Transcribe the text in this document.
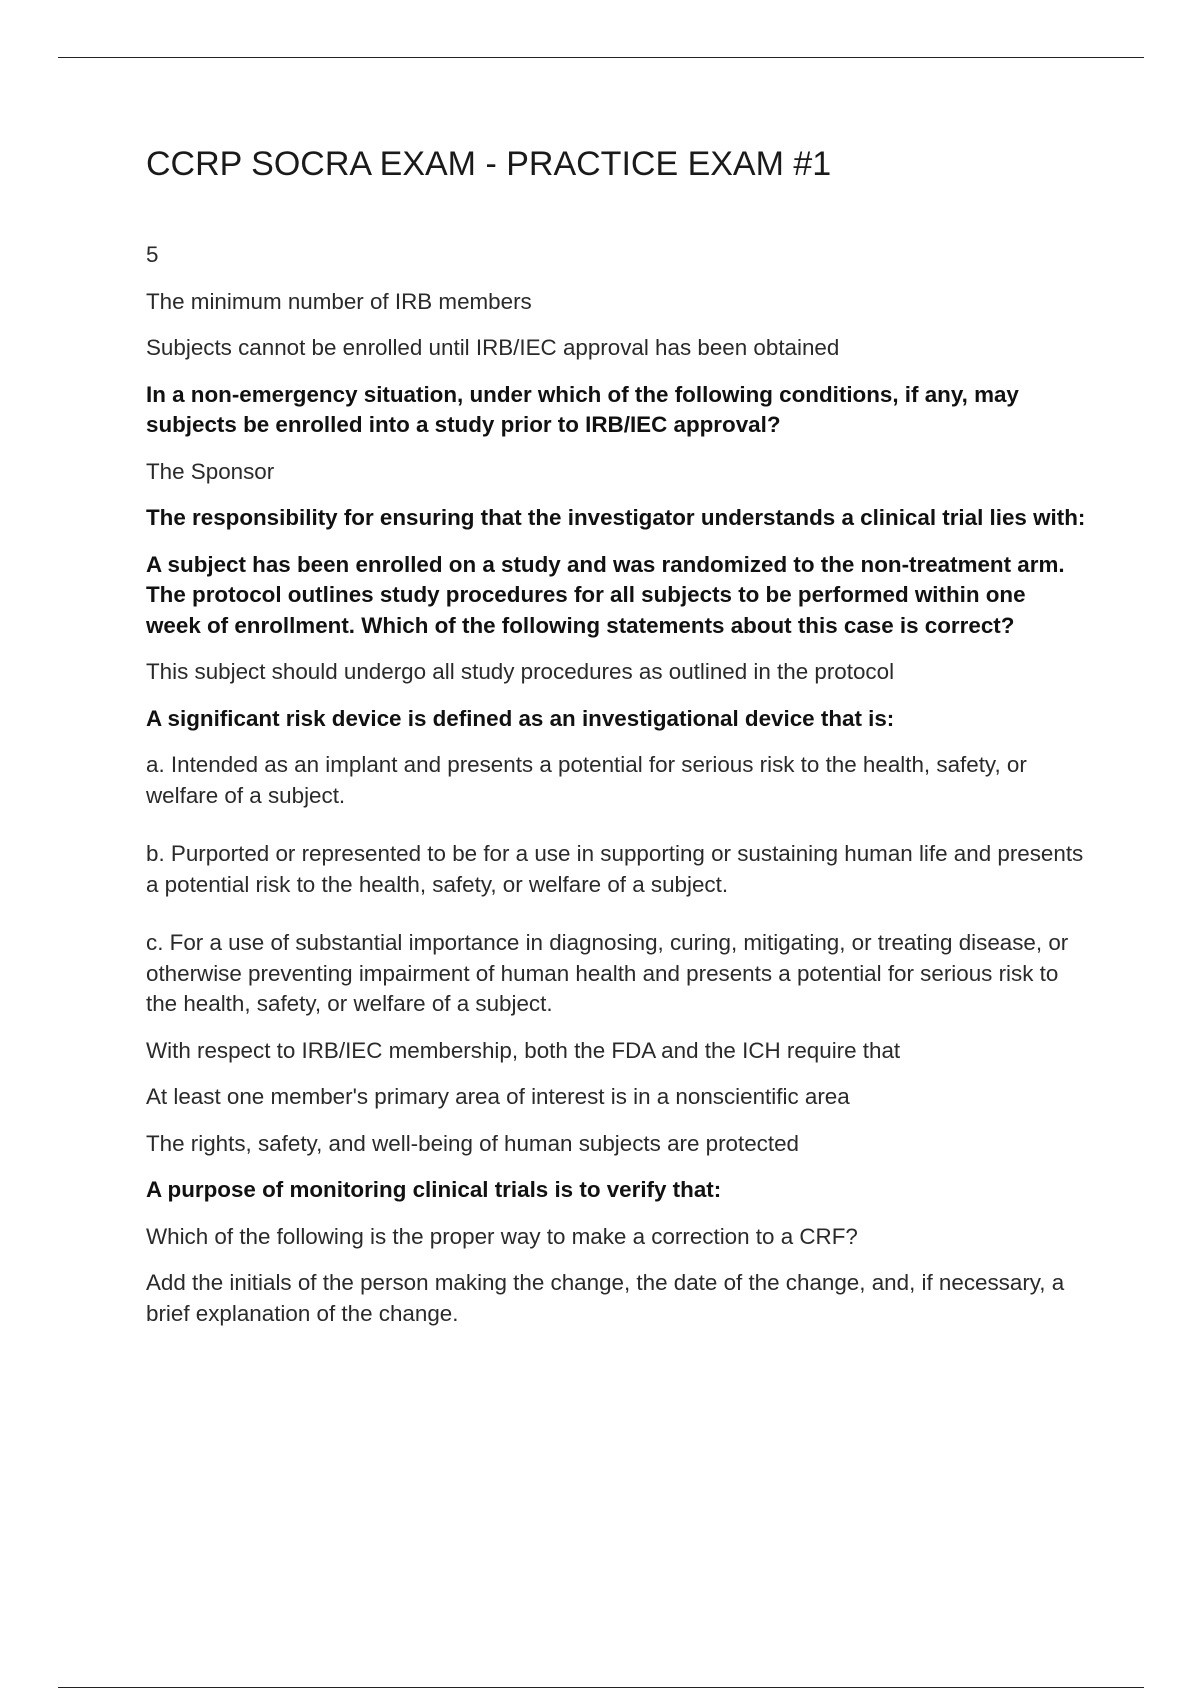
CCRP SOCRA EXAM - PRACTICE EXAM #1
5
The minimum number of IRB members
Subjects cannot be enrolled until IRB/IEC approval has been obtained
In a non-emergency situation, under which of the following conditions, if any, may subjects be enrolled into a study prior to IRB/IEC approval?
The Sponsor
The responsibility for ensuring that the investigator understands a clinical trial lies with:
A subject has been enrolled on a study and was randomized to the non-treatment arm. The protocol outlines study procedures for all subjects to be performed within one week of enrollment. Which of the following statements about this case is correct?
This subject should undergo all study procedures as outlined in the protocol
A significant risk device is defined as an investigational device that is:
a. Intended as an implant and presents a potential for serious risk to the health, safety, or welfare of a subject.
b. Purported or represented to be for a use in supporting or sustaining human life and presents a potential risk to the health, safety, or welfare of a subject.
c. For a use of substantial importance in diagnosing, curing, mitigating, or treating disease, or otherwise preventing impairment of human health and presents a potential for serious risk to the health, safety, or welfare of a subject.
With respect to IRB/IEC membership, both the FDA and the ICH require that
At least one member's primary area of interest is in a nonscientific area
The rights, safety, and well-being of human subjects are protected
A purpose of monitoring clinical trials is to verify that:
Which of the following is the proper way to make a correction to a CRF?
Add the initials of the person making the change, the date of the change, and, if necessary, a brief explanation of the change.
